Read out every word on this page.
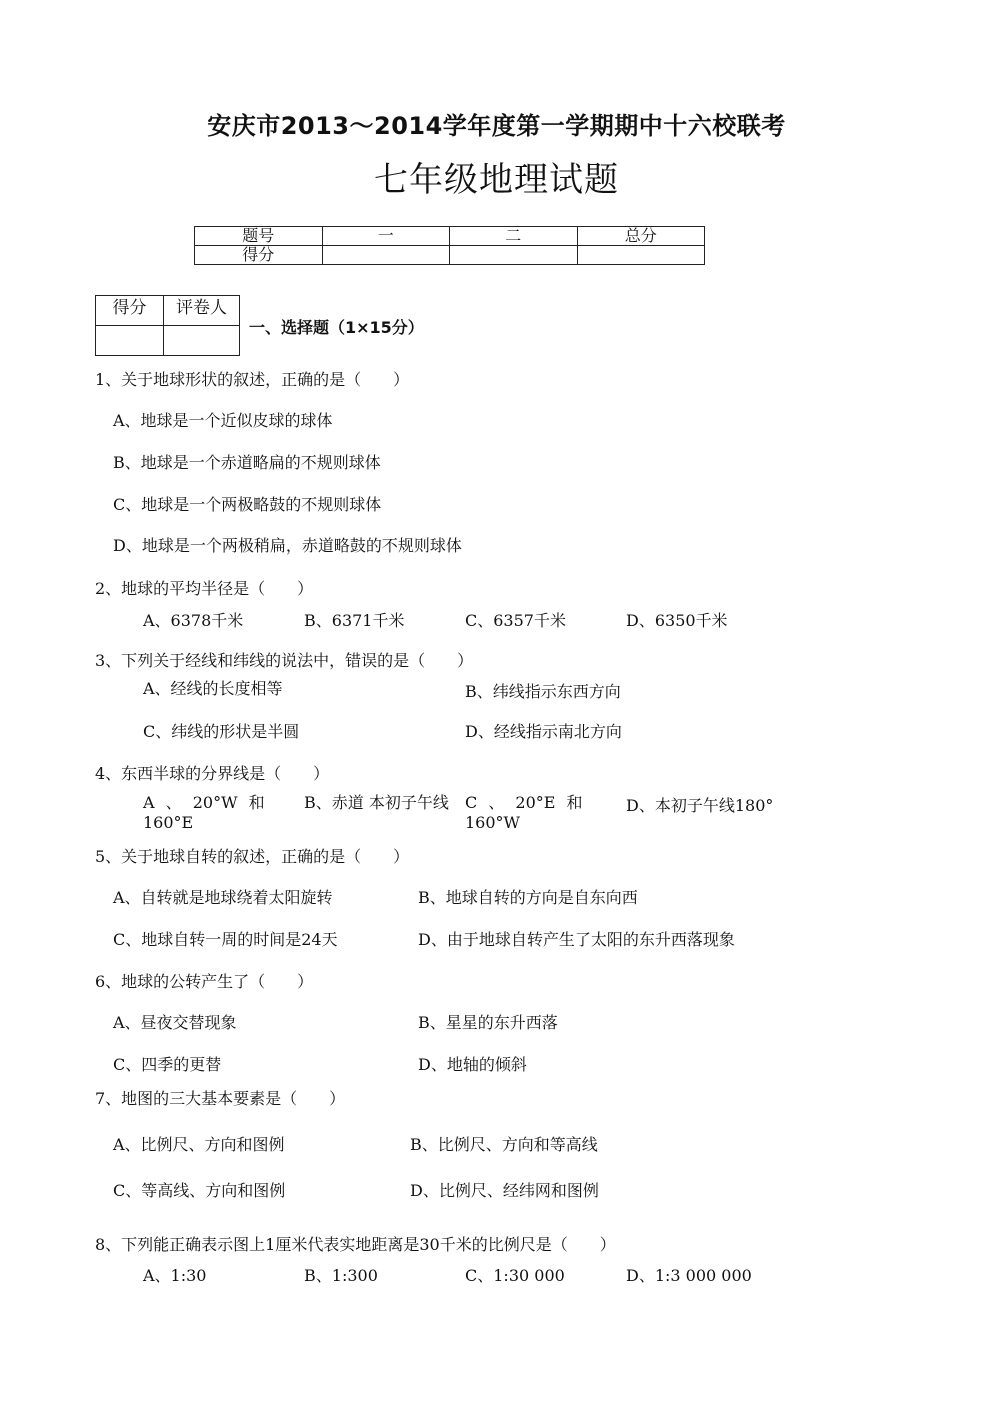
安庆市2013～2014学年度第一学期期中十六校联考
七年级地理试题
题号	一	二	总分
得分			
得分	评卷人

一、选择题（1×15分）
1、关于地球形状的叙述，正确的是（　　）
A、地球是一个近似皮球的球体
B、地球是一个赤道略扁的不规则球体
C、地球是一个两极略鼓的不规则球体
D、地球是一个两极稍扁，赤道略鼓的不规则球体
2、地球的平均半径是（　　）
A、6378千米	B、6371千米	C、6357千米	D、6350千米
3、下列关于经线和纬线的说法中，错误的是（　　）
A、经线的长度相等	B、纬线指示东西方向
C、纬线的形状是半圆	D、经线指示南北方向
4、东西半球的分界线是（　　）
A 、 20°W 和 160°E
B、赤道 本初子午线	C 、 20°E 和 160°W
D、本初子午线180°
5、关于地球自转的叙述，正确的是（　　）
A、自转就是地球绕着太阳旋转	B、地球自转的方向是自东向西
C、地球自转一周的时间是24天	D、由于地球自转产生了太阳的东升西落现象
6、地球的公转产生了（　　）
A、昼夜交替现象	B、星星的东升西落
C、四季的更替	D、地轴的倾斜
7、地图的三大基本要素是（　　）
A、比例尺、方向和图例	B、比例尺、方向和等高线
C、等高线、方向和图例	D、比例尺、经纬网和图例
8、下列能正确表示图上1厘米代表实地距离是30千米的比例尺是（　　）
A、1:30	B、1:300	C、1:30 000	D、1:3 000 000
